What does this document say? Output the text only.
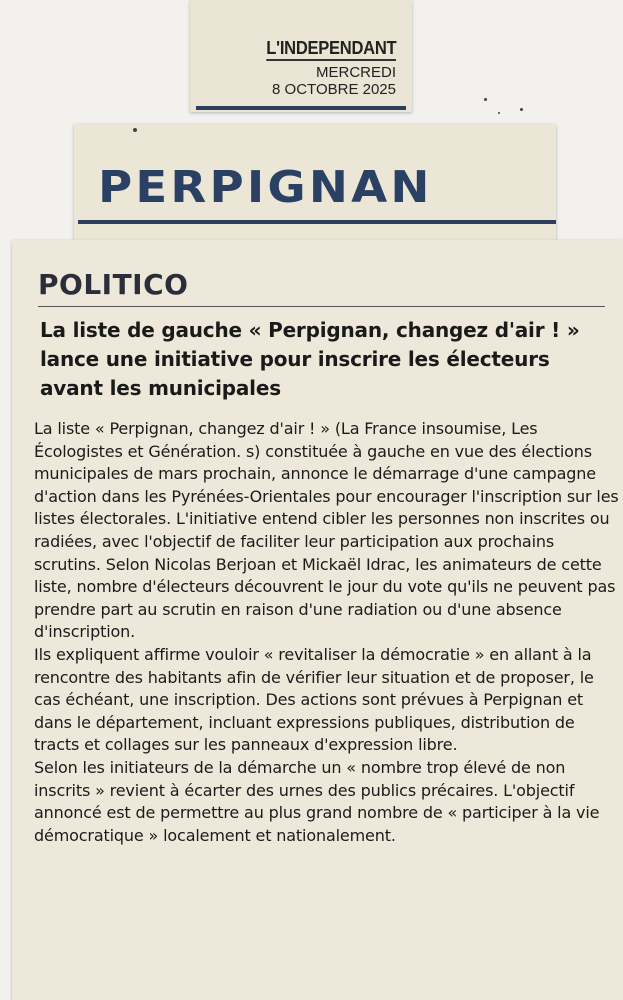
L'INDEPENDANT
MERCREDI
8 OCTOBRE 2025
PERPIGNAN
POLITICO
La liste de gauche « Perpignan, changez d'air ! » lance une initiative pour inscrire les électeurs avant les municipales

La liste « Perpignan, changez d'air ! » (La France insoumise, Les Écologistes et Génération. s) constituée à gauche en vue des élections municipales de mars prochain, annonce le démarrage d'une campagne d'action dans les Pyrénées-Orientales pour encourager l'inscription sur les listes électorales. L'initiative entend cibler les personnes non inscrites ou radiées, avec l'objectif de faciliter leur participation aux prochains scrutins. Selon Nicolas Berjoan et Mickaël Idrac, les animateurs de cette liste, nombre d'électeurs découvrent le jour du vote qu'ils ne peuvent pas prendre part au scrutin en raison d'une radiation ou d'une absence d'inscription.

Ils expliquent affirme vouloir « revitaliser la démocratie » en allant à la rencontre des habitants afin de vérifier leur situation et de proposer, le cas échéant, une inscription. Des actions sont prévues à Perpignan et dans le département, incluant expressions publiques, distribution de tracts et collages sur les panneaux d'expression libre.

Selon les initiateurs de la démarche un « nombre trop élevé de non inscrits » revient à écarter des urnes des publics précaires. L'objectif annoncé est de permettre au plus grand nombre de « participer à la vie démocratique » localement et nationalement.
